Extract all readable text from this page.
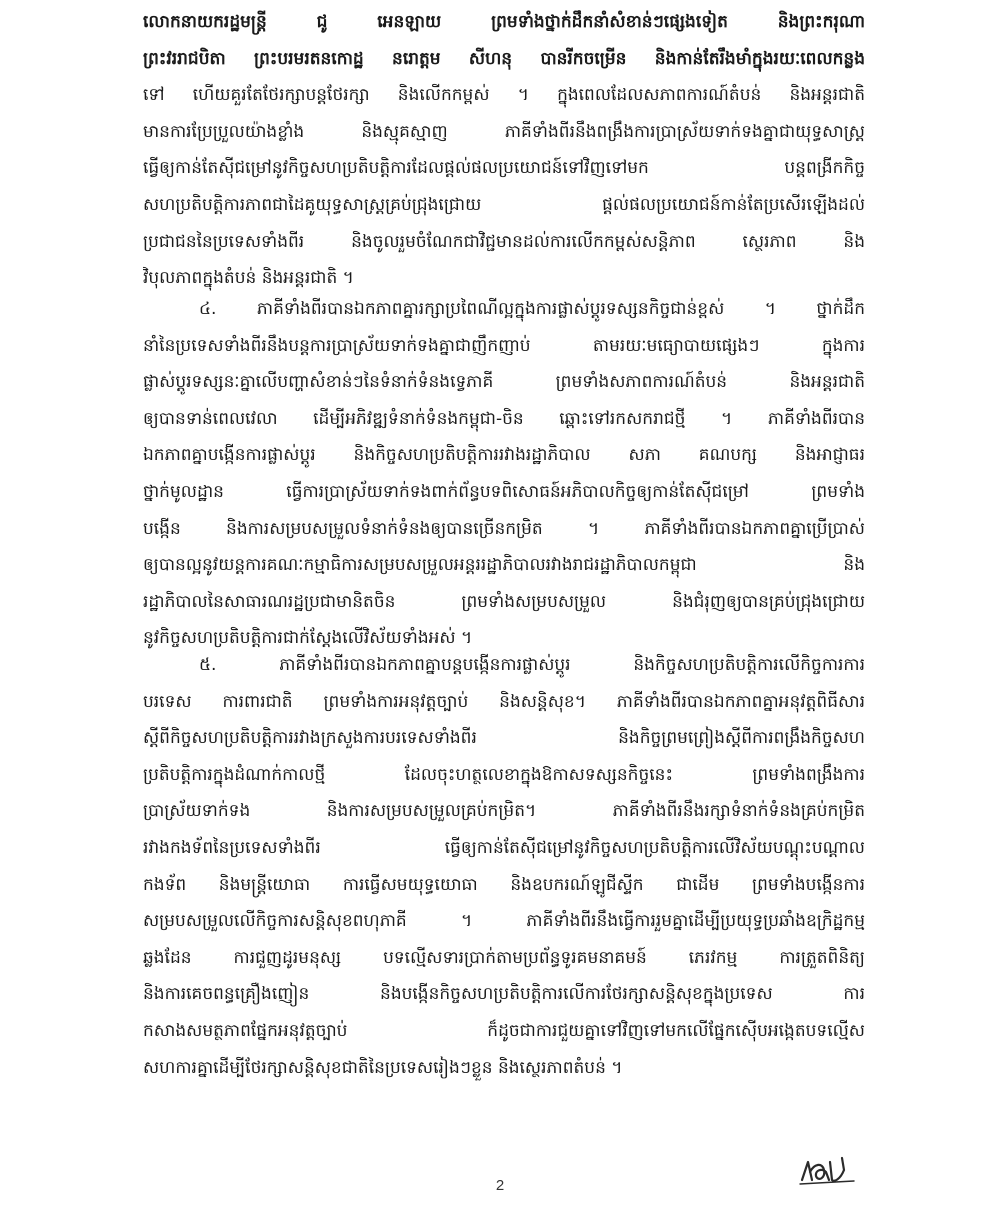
លោកនាយករដ្ឋមន្ត្រី ជូ អេនឡាយ ព្រមទាំងថ្នាក់ដឹកនាំសំខាន់ៗផ្សេងទៀត និងព្រះករុណា
ព្រះវររាជបិតា ព្រះបរមរតនកោដ្ឋ នរោត្តម សីហនុ បានរីកចម្រើន និងកាន់តែរឹងមាំក្នុងរយៈពេលកន្លង
ទៅ ហើយគួរតែថែរក្សាបន្តថែរក្សា និងលើកកម្ពស់ ។ ក្នុងពេលដែលសភាពការណ៍តំបន់ និងអន្តរជាតិ
មានការប្រែប្រួលយ៉ាងខ្លាំង និងស្មុគស្មាញ ភាគីទាំងពីរនឹងពង្រឹងការប្រាស្រ័យទាក់ទងគ្នាជាយុទ្ធសាស្ត្រ
ធ្វើឲ្យកាន់តែស៊ីជម្រៅនូវកិច្ចសហប្រតិបត្តិការដែលផ្តល់ផលប្រយោជន៍ទៅវិញទៅមក បន្តពង្រីកកិច្ច
សហប្រតិបត្តិការភាពជាដៃគូយុទ្ធសាស្ត្រគ្រប់ជ្រុងជ្រោយ ផ្តល់ផលប្រយោជន៍កាន់តែប្រសើរឡើងដល់
ប្រជាជននៃប្រទេសទាំងពីរ និងចូលរួមចំណែកជាវិជ្ជមានដល់ការលើកកម្ពស់សន្តិភាព ស្ថេរភាព និង
វិបុលភាពក្នុងតំបន់ និងអន្តរជាតិ ។
៤. ភាគីទាំងពីរបានឯកភាពគ្នារក្សាប្រពៃណីល្អក្នុងការផ្លាស់ប្តូរទស្សនកិច្ចជាន់ខ្ពស់ ។ ថ្នាក់ដឹក
នាំនៃប្រទេសទាំងពីរនឹងបន្តការប្រាស្រ័យទាក់ទងគ្នាជាញឹកញាប់ តាមរយៈមធ្យោបាយផ្សេងៗ ក្នុងការ
ផ្លាស់ប្តូរទស្សនៈគ្នាលើបញ្ហាសំខាន់ៗនៃទំនាក់ទំនងទ្វេភាគី ព្រមទាំងសភាពការណ៍តំបន់ និងអន្តរជាតិ
ឲ្យបានទាន់ពេលវេលា ដើម្បីអភិវឌ្ឍទំនាក់ទំនងកម្ពុជា-ចិន ឆ្ពោះទៅរកសករាជថ្មី ។ ភាគីទាំងពីរបាន
ឯកភាពគ្នាបង្កើនការផ្លាស់ប្តូរ និងកិច្ចសហប្រតិបត្តិការរវាងរដ្ឋាភិបាល សភា គណបក្ស និងអាជ្ញាធរ
ថ្នាក់មូលដ្ឋាន ធ្វើការប្រាស្រ័យទាក់ទងពាក់ព័ន្ធបទពិសោធន៍អភិបាលកិច្ចឲ្យកាន់តែស៊ីជម្រៅ ព្រមទាំង
បង្កើន និងការសម្របសម្រួលទំនាក់ទំនងឲ្យបានច្រើនកម្រិត ។ ភាគីទាំងពីរបានឯកភាពគ្នាប្រើប្រាស់
ឲ្យបានល្អនូវយន្តការគណៈកម្មាធិការសម្របសម្រួលអន្តររដ្ឋាភិបាលរវាងរាជរដ្ឋាភិបាលកម្ពុជា និង
រដ្ឋាភិបាលនៃសាធារណរដ្ឋប្រជាមានិតចិន ព្រមទាំងសម្របសម្រួល និងជំរុញឲ្យបានគ្រប់ជ្រុងជ្រោយ
នូវកិច្ចសហប្រតិបត្តិការជាក់ស្តែងលើវិស័យទាំងអស់ ។
៥. ភាគីទាំងពីរបានឯកភាពគ្នាបន្តបង្កើនការផ្លាស់ប្តូរ និងកិច្ចសហប្រតិបត្តិការលើកិច្ចការការ
បរទេស ការពារជាតិ ព្រមទាំងការអនុវត្តច្បាប់ និងសន្តិសុខ។ ភាគីទាំងពីរបានឯកភាពគ្នាអនុវត្តពិធីសារ
ស្តីពីកិច្ចសហប្រតិបត្តិការរវាងក្រសួងការបរទេសទាំងពីរ និងកិច្ចព្រមព្រៀងស្តីពីការពង្រឹងកិច្ចសហ
ប្រតិបត្តិការក្នុងដំណាក់កាលថ្មី ដែលចុះហត្ថលេខាក្នុងឱកាសទស្សនកិច្ចនេះ ព្រមទាំងពង្រឹងការ
ប្រាស្រ័យទាក់ទង និងការសម្របសម្រួលគ្រប់កម្រិត។ ភាគីទាំងពីរនឹងរក្សាទំនាក់ទំនងគ្រប់កម្រិត
រវាងកងទ័ពនៃប្រទេសទាំងពីរ ធ្វើឲ្យកាន់តែស៊ីជម្រៅនូវកិច្ចសហប្រតិបត្តិការលើវិស័យបណ្តុះបណ្តាល
កងទ័ព និងមន្ត្រីយោធា ការធ្វើសមយុទ្ធយោធា និងឧបករណ៍ឡូជីស្ទីក ជាដើម ព្រមទាំងបង្កើនការ
សម្របសម្រួលលើកិច្ចការសន្តិសុខពហុភាគី ។ ភាគីទាំងពីរនឹងធ្វើការរួមគ្នាដើម្បីប្រយុទ្ធប្រឆាំងឧក្រិដ្ឋកម្ម
ឆ្លងដែន ការជួញដូរមនុស្ស បទល្មើសទារប្រាក់តាមប្រព័ន្ធទូរគមនាគមន៍ ភេរវកម្ម ការត្រួតពិនិត្យ
និងការគេចពន្ធគ្រឿងញៀន និងបង្កើនកិច្ចសហប្រតិបត្តិការលើការថែរក្សាសន្តិសុខក្នុងប្រទេស ការ
កសាងសមត្ថភាពផ្នែកអនុវត្តច្បាប់ ក៏ដូចជាការជួយគ្នាទៅវិញទៅមកលើផ្នែកស៊ើបអង្កេតបទល្មើស
សហការគ្នាដើម្បីថែរក្សាសន្តិសុខជាតិនៃប្រទេសរៀងៗខ្លួន និងស្ថេរភាពតំបន់ ។
2
